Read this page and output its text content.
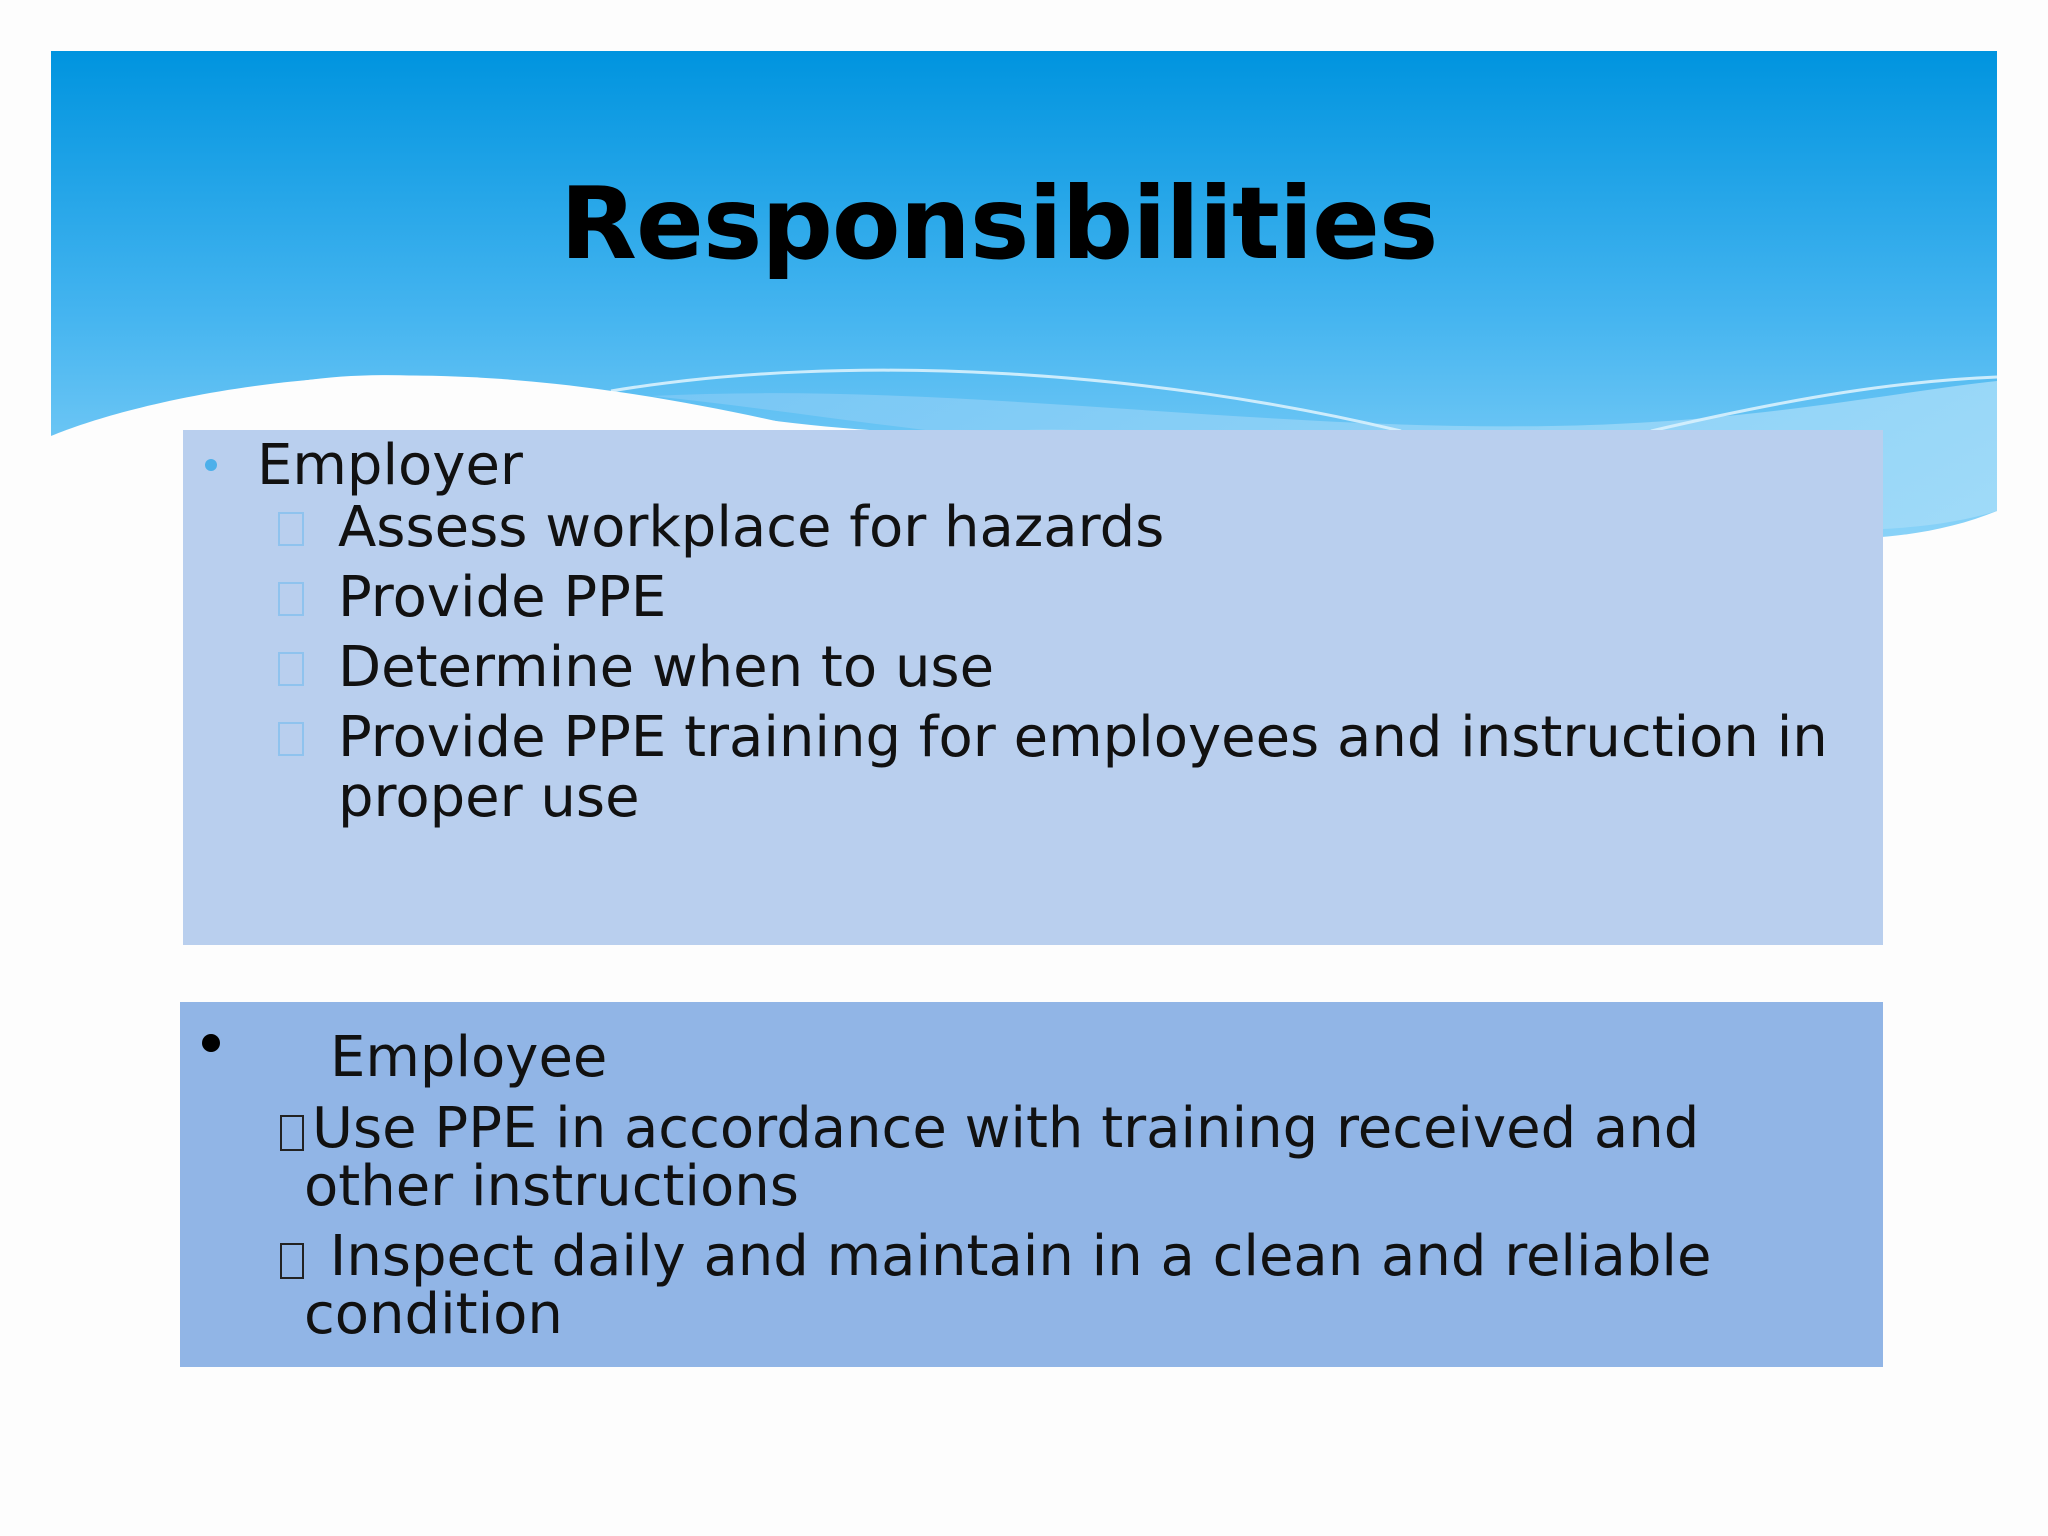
Responsibilities
Employer
Assess workplace for hazards
Provide PPE
Determine when to use
Provide PPE training for employees and instruction in proper use
Employee
Use PPE in accordance with training received and
other instructions
Inspect daily and maintain in a clean and reliable
condition
